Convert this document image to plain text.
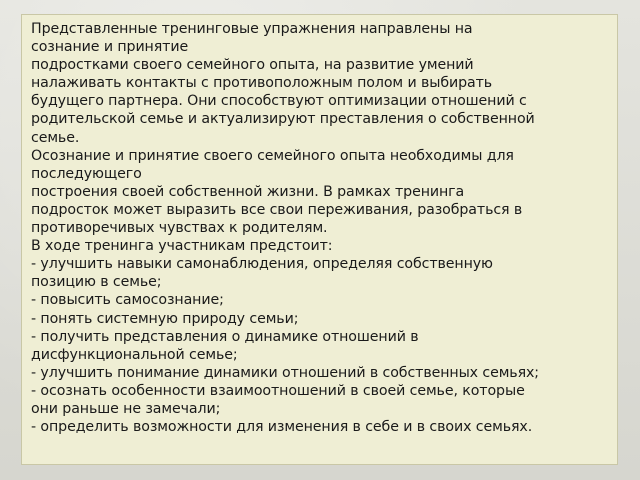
Представленные тренинговые упражнения направлены на
сознание и принятие
подростками своего семейного опыта, на развитие умений
налаживать контакты с противоположным полом и выбирать
будущего партнера. Они способствуют оптимизации отношений с
родительской семье и актуализируют преставления о собственной
семье.
Осознание и принятие своего семейного опыта необходимы для
последующего
построения своей собственной жизни. В рамках тренинга
подросток может выразить все свои переживания, разобраться в
противоречивых чувствах к родителям.
В ходе тренинга участникам предстоит:
- улучшить навыки самонаблюдения, определяя собственную
позицию в семье;
- повысить самосознание;
- понять системную природу семьи;
- получить представления о динамике отношений в
дисфункциональной семье;
- улучшить понимание динамики отношений в собственных семьях;
- осознать особенности взаимоотношений в своей семье, которые
они раньше не замечали;
- определить возможности для изменения в себе и в своих семьях.
